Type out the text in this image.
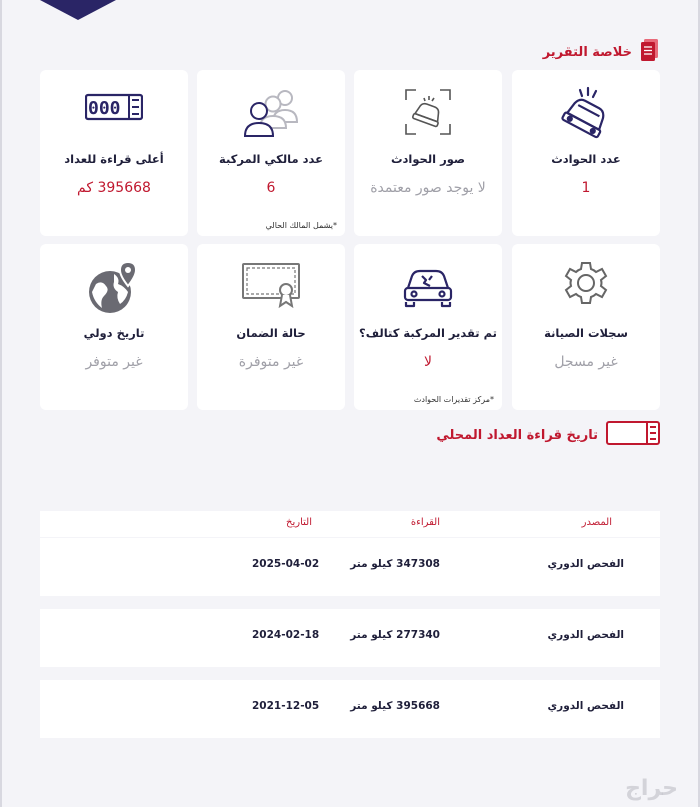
خلاصة التقرير
عدد الحوادث
1
صور الحوادث
لا يوجد صور معتمدة
عدد مالكي المركبة
6
*يشمل المالك الحالي
000
أعلى قراءة للعداد
395668 كم
سجلات الصيانة
غير مسجل
تم تقدير المركبة كتالف؟
لا
*مركز تقديرات الحوادث
حالة الضمان
غير متوفرة
تاريخ دولي
غير متوفر
تاريخ قراءة العداد المحلي
المصدر
القراءة
التاريخ
الفحص الدوري
347308 كيلو متر
2025-04-02
الفحص الدوري
277340 كيلو متر
2024-02-18
الفحص الدوري
395668 كيلو متر
2021-12-05
حراج
